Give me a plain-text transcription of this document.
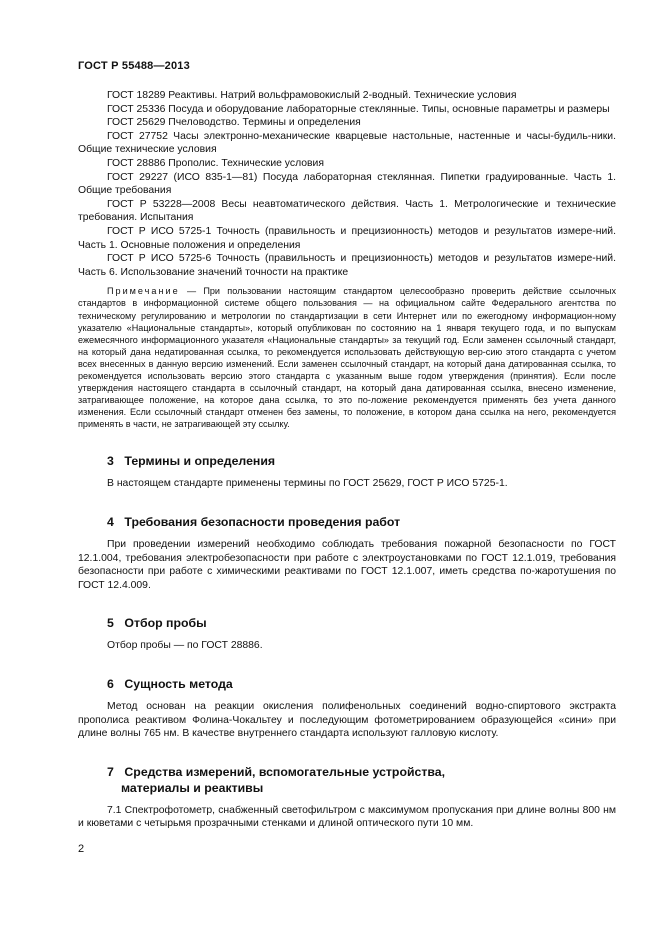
ГОСТ Р 55488—2013

ГОСТ 18289 Реактивы. Натрий вольфрамовокислый 2-водный. Технические условия

ГОСТ 25336 Посуда и оборудование лабораторные стеклянные. Типы, основные параметры и размеры

ГОСТ 25629 Пчеловодство. Термины и определения

ГОСТ 27752 Часы электронно-механические кварцевые настольные, настенные и часы-будиль-ники. Общие технические условия

ГОСТ 28886 Прополис. Технические условия

ГОСТ 29227 (ИСО 835-1—81) Посуда лабораторная стеклянная. Пипетки градуированные. Часть 1. Общие требования

ГОСТ Р 53228—2008 Весы неавтоматического действия. Часть 1. Метрологические и технические требования. Испытания

ГОСТ Р ИСО 5725-1 Точность (правильность и прецизионность) методов и результатов измере-ний. Часть 1. Основные положения и определения

ГОСТ Р ИСО 5725-6 Точность (правильность и прецизионность) методов и результатов измере-ний. Часть 6. Использование значений точности на практике

Примечание — При пользовании настоящим стандартом целесообразно проверить действие ссылочных стандартов в информационной системе общего пользования — на официальном сайте Федерального агентства по техническому регулированию и метрологии по стандартизации в сети Интернет или по ежегодному информацион-ному указателю «Национальные стандарты», который опубликован по состоянию на 1 января текущего года, и по выпускам ежемесячного информационного указателя «Национальные стандарты» за текущий год. Если заменен ссылочный стандарт, на который дана недатированная ссылка, то рекомендуется использовать действующую вер-сию этого стандарта с учетом всех внесенных в данную версию изменений. Если заменен ссылочный стандарт, на который дана датированная ссылка, то рекомендуется использовать версию этого стандарта с указанным выше годом утверждения (принятия). Если после утверждения настоящего стандарта в ссылочный стандарт, на который дана датированная ссылка, внесено изменение, затрагивающее положение, на которое дана ссылка, то это по-ложение рекомендуется применять без учета данного изменения. Если ссылочный стандарт отменен без замены, то положение, в котором дана ссылка на него, рекомендуется применять в части, не затрагивающей эту ссылку.

3 Термины и определения

В настоящем стандарте применены термины по ГОСТ 25629, ГОСТ Р ИСО 5725-1.

4 Требования безопасности проведения работ

При проведении измерений необходимо соблюдать требования пожарной безопасности по ГОСТ 12.1.004, требования электробезопасности при работе с электроустановками по ГОСТ 12.1.019, требования безопасности при работе с химическими реактивами по ГОСТ 12.1.007, иметь средства по-жаротушения по ГОСТ 12.4.009.

5 Отбор пробы

Отбор пробы — по ГОСТ 28886.

6 Сущность метода

Метод основан на реакции окисления полифенольных соединений водно-спиртового экстракта прополиса реактивом Фолина-Чокальтеу и последующим фотометрированием образующейся «сини» при длине волны 765 нм. В качестве внутреннего стандарта используют галловую кислоту.

7 Средства измерений, вспомогательные устройства,
материалы и реактивы

7.1 Спектрофотометр, снабженный светофильтром с максимумом пропускания при длине волны 800 нм и кюветами с четырьмя прозрачными стенками и длиной оптического пути 10 мм.

2
